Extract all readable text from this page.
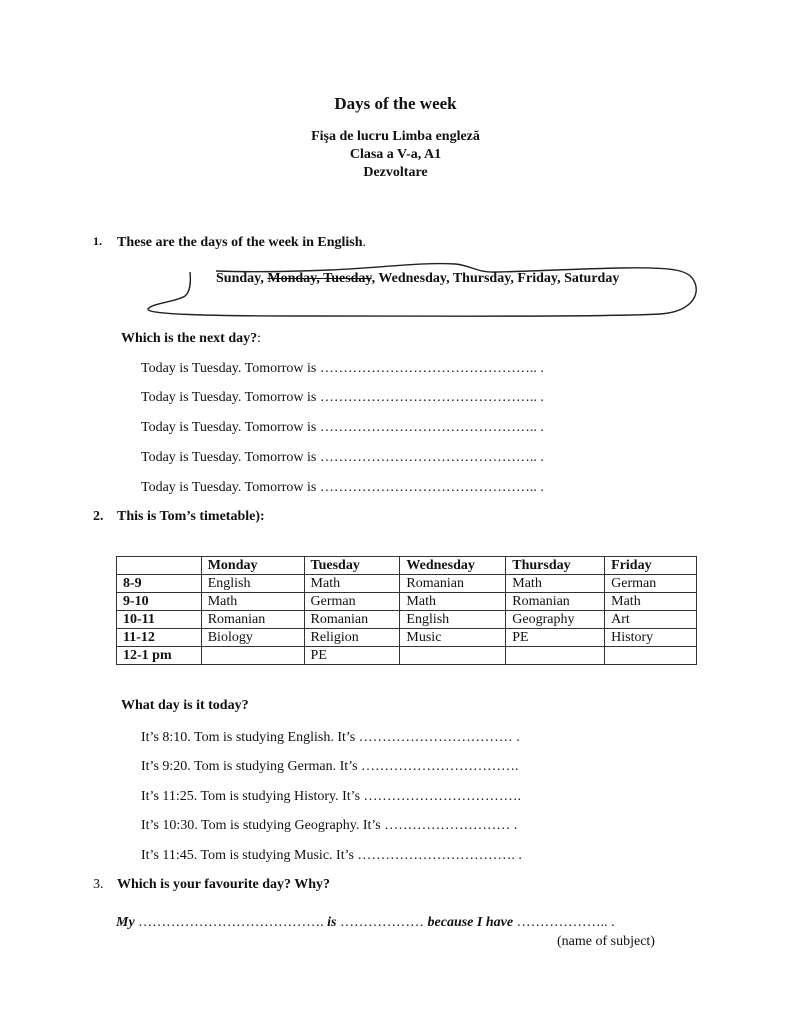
Days of the week
Fişa de lucru Limba engleză
Clasa a V-a, A1
Dezvoltare
1. These are the days of the week in English.
Sunday, Monday, Tuesday, Wednesday, Thursday, Friday, Saturday
Which is the next day?:
Today is Tuesday. Tomorrow is ……………………………………….. .
Today is Tuesday. Tomorrow is ……………………………………….. .
Today is Tuesday. Tomorrow is ……………………………………….. .
Today is Tuesday. Tomorrow is ……………………………………….. .
Today is Tuesday. Tomorrow is ……………………………………….. .
2. This is Tom’s timetable):
	Monday	Tuesday	Wednesday	Thursday	Friday
8-9	English	Math	Romanian	Math	German
9-10	Math	German	Math	Romanian	Math
10-11	Romanian	Romanian	English	Geography	Art
11-12	Biology	Religion	Music	PE	History
12-1 pm		PE			
What day is it today?
It’s 8:10. Tom is studying English. It’s …………………………… .
It’s 9:20. Tom is studying German. It’s …………………………….
It’s 11:25. Tom is studying History. It’s …………………………….
It’s 10:30. Tom is studying Geography. It’s ……………………… .
It’s 11:45. Tom is studying Music. It’s ……………………………. .
3. Which is your favourite day? Why?
My …………………………………. is ……………… because I have ……………….. .
(name of subject)
